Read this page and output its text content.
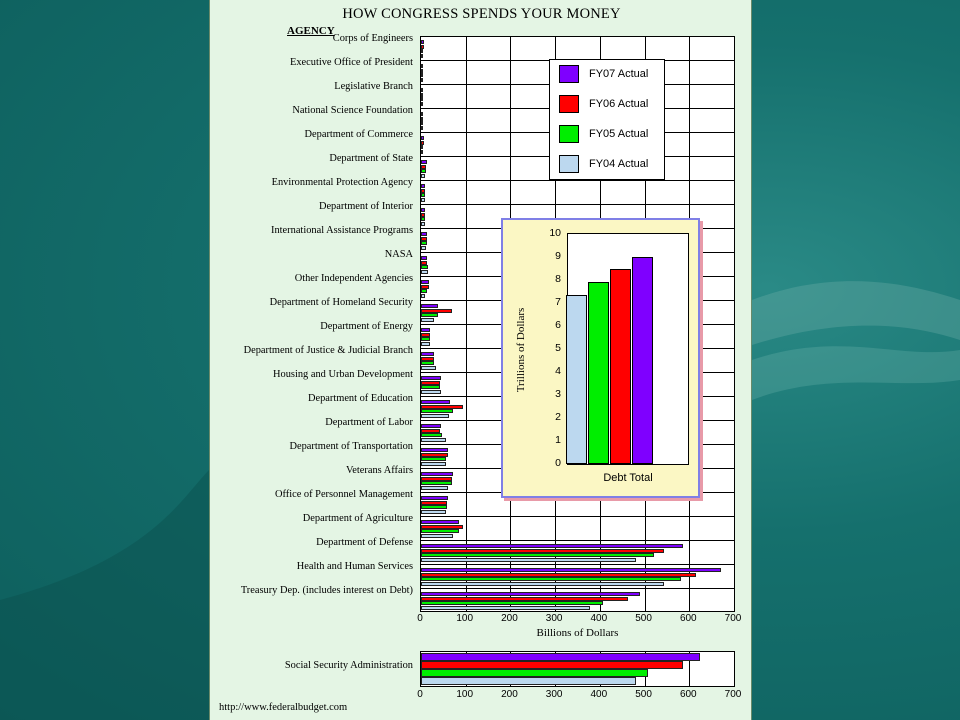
HOW CONGRESS SPENDS YOUR MONEY
AGENCY
Corps of Engineers
Executive Office of President
Legislative Branch
National Science Foundation
Department of Commerce
Department of State
Environmental Protection Agency
Department of Interior
International Assistance Programs
NASA
Other Independent Agencies
Department of Homeland Security
Department of Energy
Department of Justice & Judicial Branch
Housing and Urban Development
Department of Education
Department of Labor
Department of Transportation
Veterans Affairs
Office of Personnel Management
Department of Agriculture
Department of Defense
Health and Human Services
Treasury Dep. (includes interest on Debt)
0	100	200	300	400	500	600	700
Billions of Dollars
Social Security Administration
0	100	200	300	400	500	600	700
http://www.federalbudget.com
FY07 Actual
FY06 Actual
FY05 Actual
FY04 Actual
Trillions of Dollars
0
1
2
3
4
5
6
7
8
9
10
Debt Total
